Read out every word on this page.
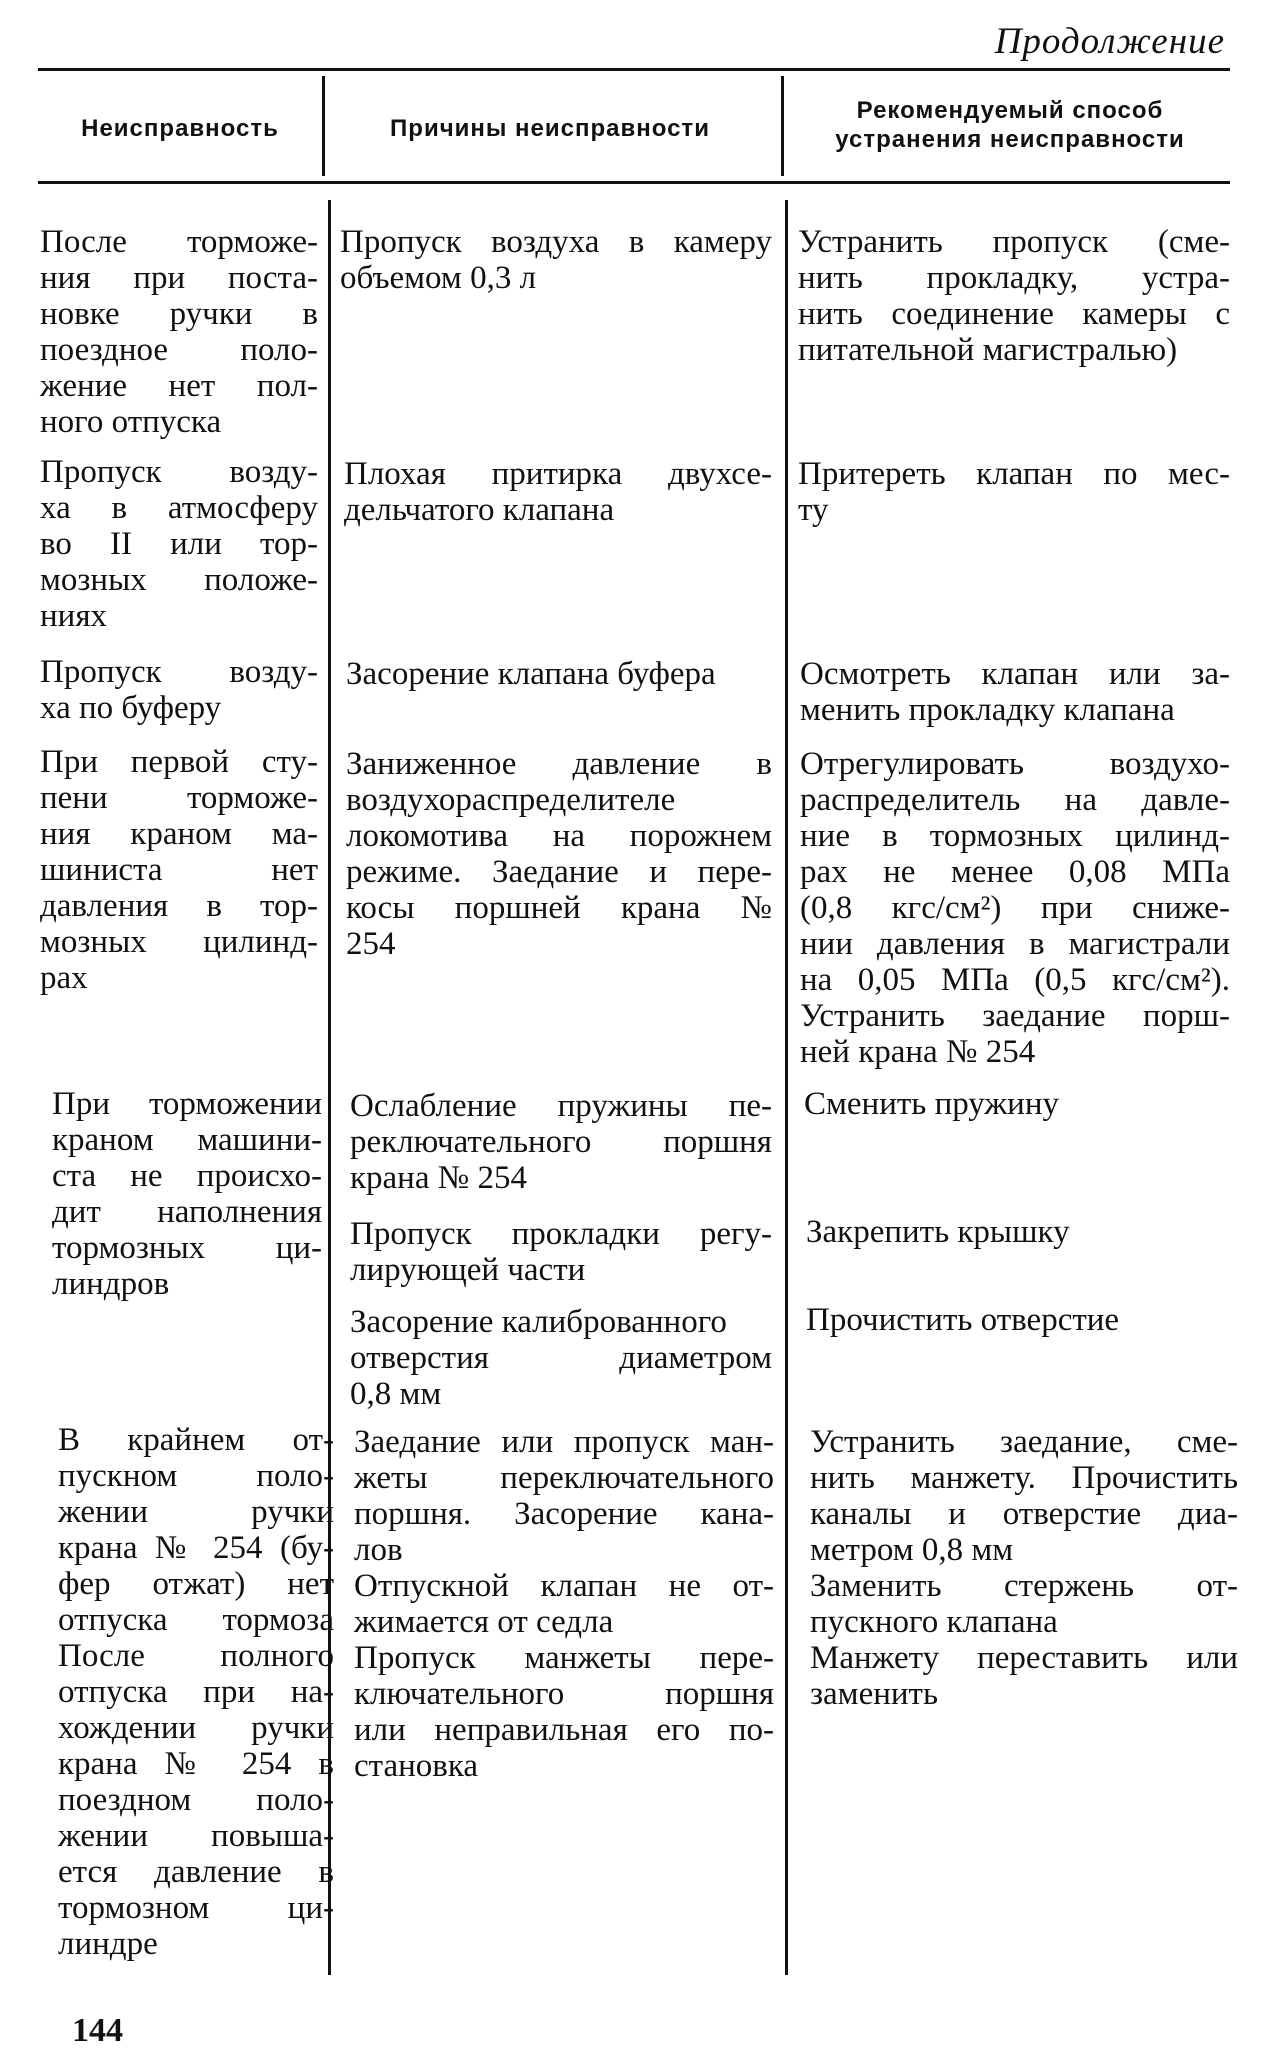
Продолжение
Неисправность	Причины неисправности
Рекомендуемый способ устранения неисправности
После торможе-
ния при поста-
новке ручки в
поездное поло-
жение нет пол-
ного отпуска
Пропуск воздуха в камеру
объемом 0,3 л
Устранить пропуск (сме-
нить прокладку, устра-
нить соединение камеры с
питательной магистралью)
Пропуск возду-
ха в атмосферу
во II или тор-
мозных положе-
ниях
Плохая притирка двухсе-
дельчатого клапана
Притереть клапан по мес-
ту
Пропуск возду-
ха по буферу
Засорение клапана буфера	Осмотреть клапан или за-
менить прокладку клапана
При первой сту-
пени торможе-
ния краном ма-
шиниста нет
давления в тор-
мозных цилинд-
рах
Заниженное давление в
воздухораспределителе
локомотива на порожнем
режиме. Заедание и пере-
косы поршней крана №
254
Отрегулировать воздухо-
распределитель на давле-
ние в тормозных цилинд-
рах не менее 0,08 МПа
(0,8 кгс/см²) при сниже-
нии давления в магистрали
на 0,05 МПа (0,5 кгс/см²).
Устранить заедание порш-
ней крана № 254
При торможении
краном машини-
ста не происхо-
дит наполнения
тормозных ци-
линдров
Ослабление пружины пе-
реключательного поршня
крана № 254
Пропуск прокладки регу-
лирующей части
Засорение калиброванного
отверстия диаметром
0,8 мм
Сменить пружину
Закрепить крышку
Прочистить отверстие
В крайнем от-
пускном поло-
жении ручки
крана № 254 (бу-
фер отжат) нет
отпуска тормоза
После полного
отпуска при на-
хождении ручки
крана № 254 в
поездном поло-
жении повыша-
ется давление в
тормозном ци-
линдре
Заедание или пропуск ман-
жеты переключательного
поршня. Засорение кана-
лов
Отпускной клапан не от-
жимается от седла
Пропуск манжеты пере-
ключательного поршня
или неправильная его по-
становка
Устранить заедание, сме-
нить манжету. Прочистить
каналы и отверстие диа-
метром 0,8 мм
Заменить стержень от-
пускного клапана
Манжету переставить или
заменить
144
